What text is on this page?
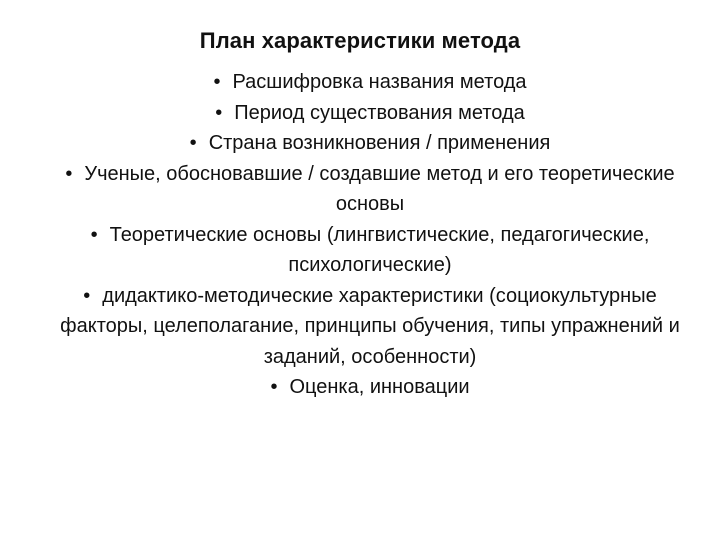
План характеристики метода
• Расшифровка названия метода
• Период существования метода
• Страна возникновения / применения
• Ученые, обосновавшие / создавшие метод и его теоретические основы
• Теоретические основы (лингвистические, педагогические, психологические)
• дидактико-методические характеристики (социокультурные факторы, целеполагание, принципы обучения, типы упражнений и заданий, особенности)
• Оценка, инновации
